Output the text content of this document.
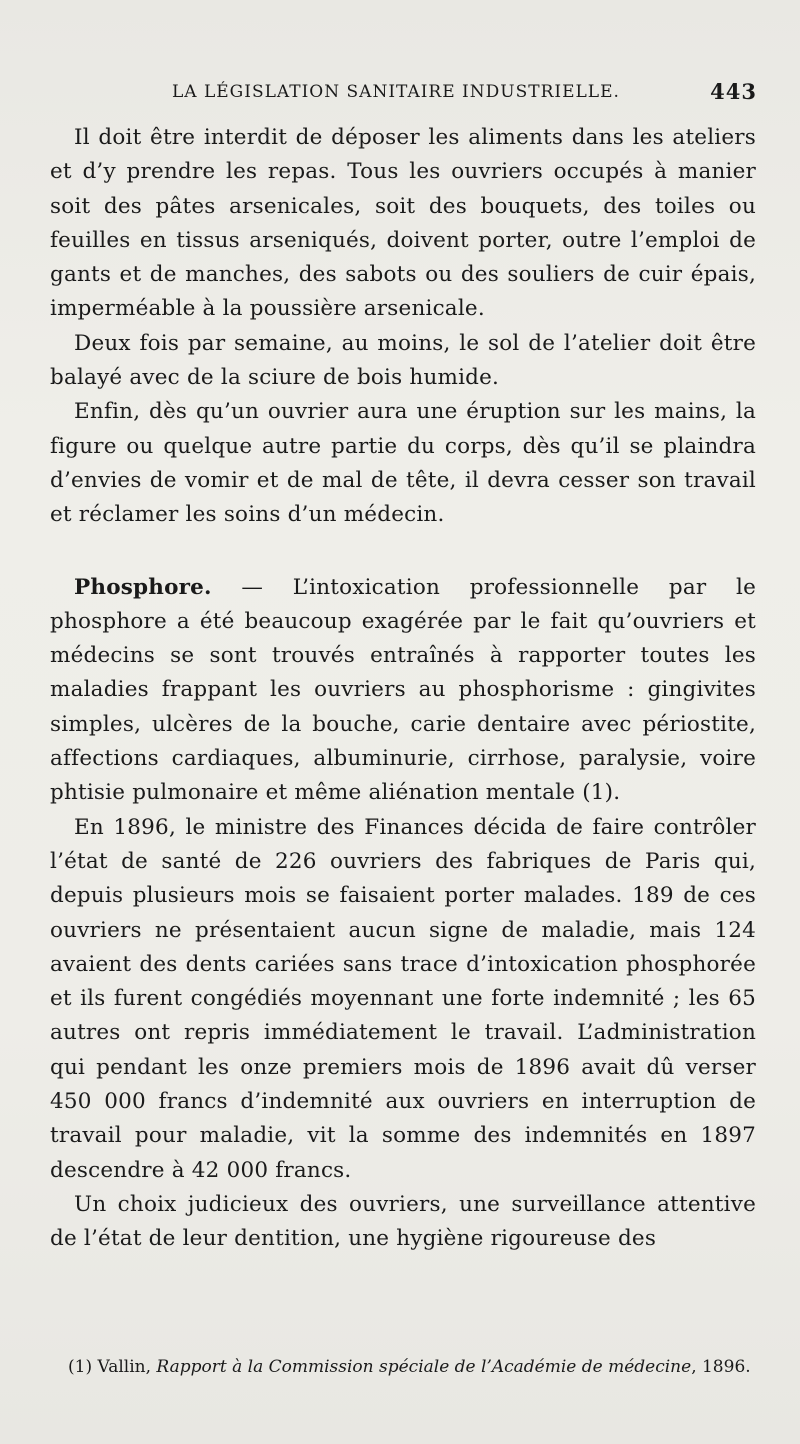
LA LÉGISLATION SANITAIRE INDUSTRIELLE.	443

Il doit être interdit de déposer les aliments dans les ateliers et d’y prendre les repas. Tous les ouvriers occupés à manier soit des pâtes arsenicales, soit des bouquets, des toiles ou feuilles en tissus arseniqués, doivent porter, outre l’emploi de gants et de manches, des sabots ou des souliers de cuir épais, imperméable à la poussière arsenicale.

Deux fois par semaine, au moins, le sol de l’atelier doit être balayé avec de la sciure de bois humide.

Enfin, dès qu’un ouvrier aura une éruption sur les mains, la figure ou quelque autre partie du corps, dès qu’il se plaindra d’envies de vomir et de mal de tête, il devra cesser son travail et réclamer les soins d’un médecin.

Phosphore. — L’intoxication professionnelle par le phosphore a été beaucoup exagérée par le fait qu’ouvriers et médecins se sont trouvés entraînés à rapporter toutes les maladies frappant les ouvriers au phosphorisme : gingivites simples, ulcères de la bouche, carie dentaire avec périostite, affections cardiaques, albuminurie, cirrhose, paralysie, voire phtisie pulmonaire et même aliénation mentale (1).

En 1896, le ministre des Finances décida de faire contrôler l’état de santé de 226 ouvriers des fabriques de Paris qui, depuis plusieurs mois se faisaient porter malades. 189 de ces ouvriers ne présentaient aucun signe de maladie, mais 124 avaient des dents cariées sans trace d’intoxication phosphorée et ils furent congédiés moyennant une forte indemnité ; les 65 autres ont repris immédiatement le travail. L’administration qui pendant les onze premiers mois de 1896 avait dû verser 450 000 francs d’indemnité aux ouvriers en interruption de travail pour maladie, vit la somme des indemnités en 1897 descendre à 42 000 francs.

Un choix judicieux des ouvriers, une surveillance attentive de l’état de leur dentition, une hygiène rigoureuse des

(1) Vallin, Rapport à la Commission spéciale de l’Académie de médecine, 1896.
